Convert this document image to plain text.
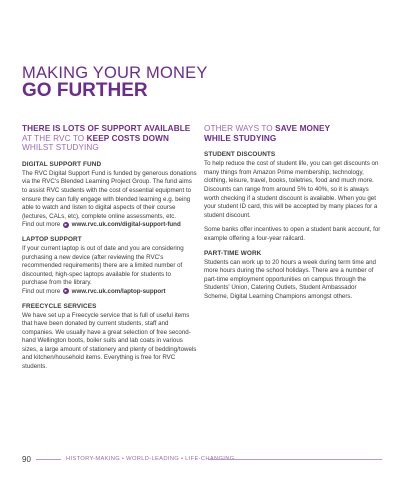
MAKING YOUR MONEY
GO FURTHER
THERE IS LOTS OF SUPPORT AVAILABLE
AT THE RVC TO KEEP COSTS DOWN
WHILST STUDYING
DIGITAL SUPPORT FUND
The RVC Digital Support Fund is funded by generous donations via the RVC's Blended Learning Project Group. The fund aims to assist RVC students with the cost of essential equipment to ensure they can fully engage with blended learning e.g. being able to watch and listen to digital aspects of their course (lectures, CALs, etc), complete online assessments, etc.
Find out more ▸ www.rvc.uk.com/digital-support-fund
LAPTOP SUPPORT
If your current laptop is out of date and you are considering purchasing a new device (after reviewing the RVC's recommended requirements) there are a limited number of discounted, high-spec laptops available for students to purchase from the library.
Find out more ▸ www.rvc.uk.com/laptop-support
FREECYCLE SERVICES
We have set up a Freecycle service that is full of useful items that have been donated by current students, staff and companies. We usually have a great selection of free second-hand Wellington boots, boiler suits and lab coats in various sizes, a large amount of stationery and plenty of bedding/towels and kitchen/household items. Everything is free for RVC students.
OTHER WAYS TO SAVE MONEY
WHILE STUDYING
STUDENT DISCOUNTS
To help reduce the cost of student life, you can get discounts on many things from Amazon Prime membership, technology, clothing, leisure, travel, books, toiletries, food and much more. Discounts can range from around 5% to 40%, so it is always worth checking if a student discount is available. When you get your student ID card, this will be accepted by many places for a student discount.
Some banks offer incentives to open a student bank account, for example offering a four-year railcard.
PART-TIME WORK
Students can work up to 20 hours a week during term time and more hours during the school holidays. There are a number of part-time employment opportunities on campus through the Students' Union, Catering Outlets, Student Ambassador Scheme, Digital Learning Champions amongst others.
90	HISTORY-MAKING • WORLD-LEADING • LIFE-CHANGING
